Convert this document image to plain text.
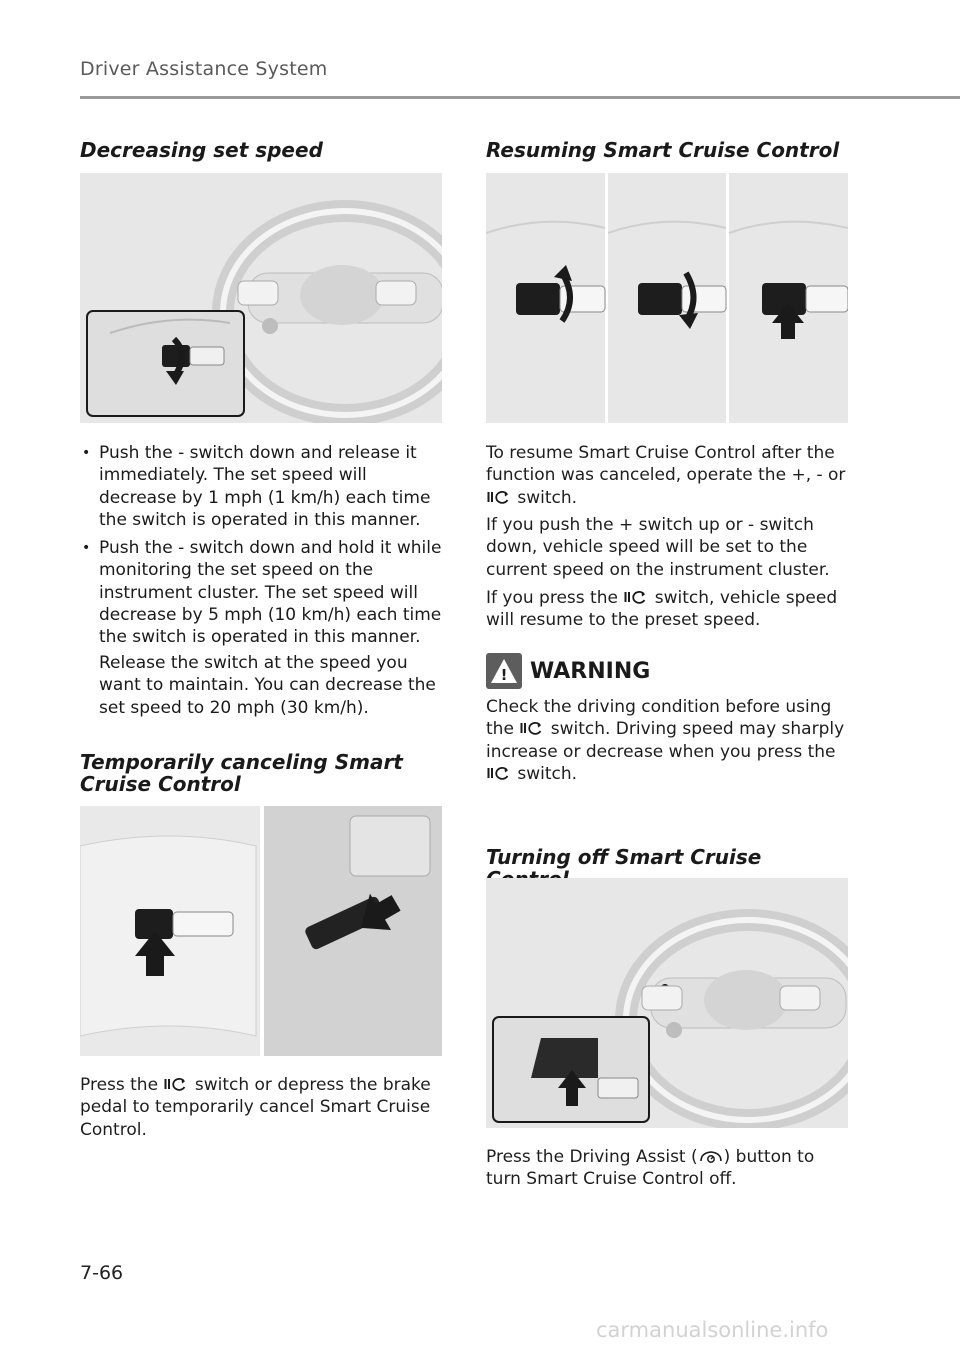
Driver Assistance System
Decreasing set speed
• Push the - switch down and release it immediately. The set speed will decrease by 1 mph (1 km/h) each time the switch is operated in this manner.
• Push the - switch down and hold it while monitoring the set speed on the instrument cluster. The set speed will decrease by 5 mph (10 km/h) each time the switch is operated in this manner.

Release the switch at the speed you want to maintain. You can decrease the set speed to 20 mph (30 km/h).

Temporarily canceling Smart Cruise Control

Press the switch or depress the brake pedal to temporarily cancel Smart Cruise Control.

Resuming Smart Cruise Control

To resume Smart Cruise Control after the function was canceled, operate the +, - or  switch.

If you push the + switch up or - switch down, vehicle speed will be set to the current speed on the instrument cluster.

If you press the switch, vehicle speed will resume to the preset speed.

! WARNING

Check the driving condition before using the switch. Driving speed may sharply increase or decrease when you press the  switch.

Turning off Smart Cruise

Press the Driving Assist ( ) button to turn Smart Cruise Control off.

7-66
carmanualsonline.info
